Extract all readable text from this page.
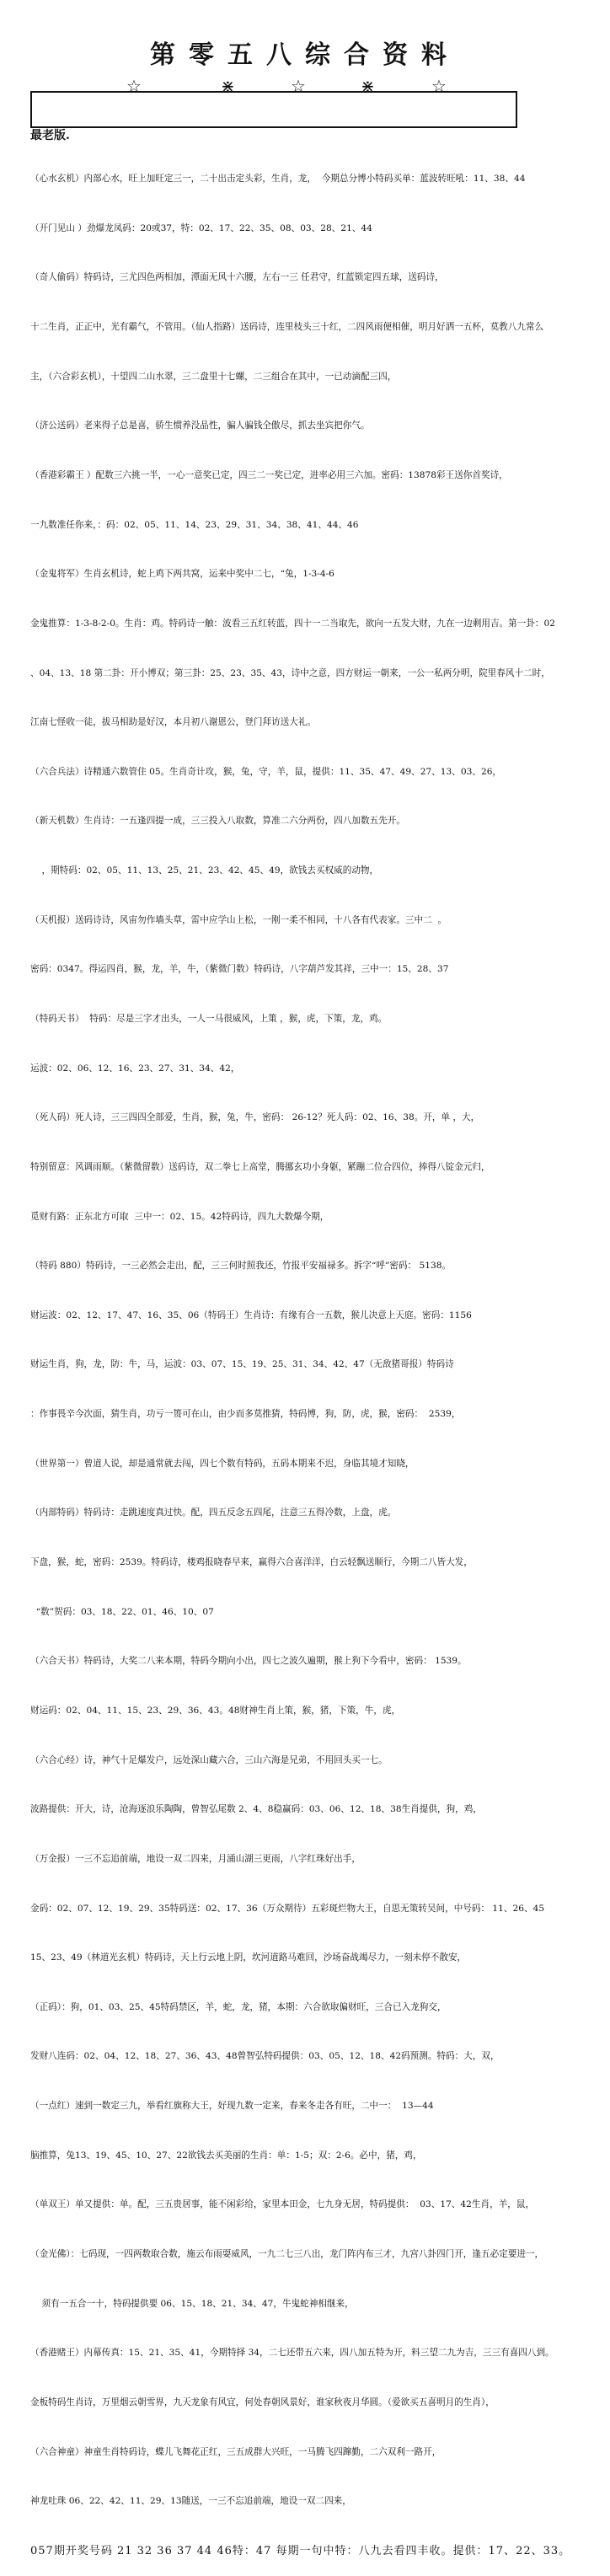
第零五八综合资料
☆	⋇	☆	⋇	☆
最老版.

（心水玄机）内部心水，旺上加旺定三一，二十出击定头彩，生肖，龙，  今期总分博小特码买单：蓝波转旺吼：11、38、44

（开门见山 ）劲爆龙凤码：20或37，特：02、17、22、35、08、03、28、21、44

（奇人偷码）特码诗，三尤四色两相加，潭面无风十六腰，左右一三 任君守，红蓝锁定四五球，送码诗，

十二生肖，正正中，光有霸气，不管用。（仙人指路）送码诗，连里枝头三十红，二四风雨便相催，明月好洒一五杯，莫教八九常么

主，（六合彩玄机），十望四二山水翠，三二盘里十七螺，二三组合在其中，一已动滴配三四，

（济公送码）老来得子总是喜，骄生惯养没品性，骗人骗钱全傲尽，抓去坐宾把你气。

（香港彩霸王 ）配数三六挑一半，一心一意奖已定，四三二一奖已定，进率必用三六加。密码：13878彩王送你首奖诗，

一九数准任你来，：码：02、05、11、14、23、29、31、34、38、41、44、46

（金鬼将军）生肖玄机诗，蛇上鸡下两共窝，运来中奖中二七，“兔，1-3-4-6

金鬼推算：1-3-8-2-0。生肖：鸡。特码诗一触：波看三五红转蓝，四十一二当取先，欲向一五发大财，九在一边剩用吉。第一卦：02

、04、13、18 第二卦：开小博双；第三卦：25、23、35、43，诗中之意，四方财运一朝来，一公一私两分明，院里春风十二时，

江南七怪收一徒，拔马相助是好汉，本月初八谢恩公，登门拜访送大礼。

（六合兵法）诗精通六数管住 05。生肖奇计攻，猴，兔，守，羊，鼠，提供：11、35、47、49、27、13、03、26，

（新天机数）生肖诗：一五逢四提一成，三三投入八取数，算准二六分两份，四八加数五先开。

，期特码：02、05、11、13、25、21、23、42、45、49，欲钱去买权威的动物，

（天机报）送码诗诗，风宙勿作墙头草，雷中应学山上松，一刚一柔不相同，十八各有代表家。三中二  。

密码：0347。得运四肖，猴，龙，羊，牛，（紫微门数）特码诗，八字葫芦发其祥，三中一：15、28、37

（特码天书）  特码：尽是三字才出头，一人一马很威风，上策 ，猴，虎，下策，龙，鸡。

运波：02、06、12、16、23、27、31、34、42，

（死人码）死人诗，三三四四全部爱，生肖，猴，兔，牛，密码： 26-12？死人码：02、16、38。开，单 ，大，

特别留意：风调雨顺。（紫微留数）送码诗，双二拳七上高堂，腾挪玄功小身躯，紧蹦二位合四位，捧得八锭金元归，

觅财有路：正东北方可取  三中一：02、15。42特码诗，四九大数爆今期，

（特码 880）特码诗，一三必然会走出，配，三三何时照我还，竹报平安福禄多。拆字“呼”密码： 5138。

财运波：02、12、17、47、16、35、06（特码王）生肖诗：有缘有合一五数，猴儿决意上天庭。密码：1156

财运生肖，狗，龙，防：牛，马，运波：03、07、15、19、25、31、34、42、47（无敌猪哥报）特码诗

：作事畏辛今次面，猜生肖，功亏一篑可在山，由少而多莫推猜，特码博，狗，防，虎，猴，密码：  2539，

（世界第一）曾道人说，却是通常就去闯，四七个数有特码，五码本期来不迟，身临其境才知晓，

（内部特码）特码诗：走跳速度真过快。配，四五反念五四尾，注意三五得冷数，上盘，虎。

下盘，猴，蛇，密码：2539。特码诗，楼鸡报晓春早来，赢得六合喜洋洋，白云轻飘送顺行，今期二八皆大发，

“数”贺码：03、18、22、01、46、10、07

（六合天书）特码诗，大奖二八来本期，特码今期向小出，四七之波久遍期，猴上狗下今看中，密码： 1539。

财运码：02、04、11、15、23、29、36、43。48财神生肖上策，猴，猪，下策，牛，虎，

（六合心经）诗，神气十足爆发户，远处深山藏六合，三山六海是兄弟，不用回头买一七。

波路提供：开大，诗，沧海逐浪乐陶陶，曾智弘尾数 2、4、8稳赢码：03、06、12、18、38生肖提供，狗，鸡，

（万金报）一三不忘追前端，地设一双二四来，月涌山湖三更雨，八字红珠好出手，

金码：02、07、12、19、29、35特码送：02、17、36（万众期待）五彩斑烂物大王，自思无策转吴间，中号码： 11、26、45

15、23、49（林道光玄机）特码诗，天上行云地上阴，坎河道路马难回，沙场奋战竭尽力，一刻未停不散安，

（正码）：狗，01、03、25、45特码禁区，羊，蛇，龙，猪，本期：六合欲取偏财旺，三合已入龙狗交，

发财八连码：02、04、12、18、27、36、43、48曾智弘特码提供：03、05、12、18、42码预测。特码：大，双，

（一点红）速到一数定三九，举看红旗称大王，好现九数一定来，春来冬走各有旺，二中一：  13—44

脑推算，兔13、19、45、10、27、22欲钱去买美丽的生肖：单：1-5；双：2-6。必中，猪，鸡，

（单双王）单又提供：单。配，三五贵居事，能不闲彩给，家里本田金，七九身无居，特码提供：  03、17、42生肖，羊，鼠，

（金光佛）：七码现，一四两数取合数，施云布雨耍威风，一九二七三八出，龙门阵内布三才，九宫八卦四门开，逢五必定要进一，

须有一五合一十，特码提供要 06、15、18、21、34、47，牛鬼蛇神相继来，

（香港赌王）内幕传真：15、21、35、41，今期特择 34，二七还带五六来，四八加五特为开，料三望二九为吉，三三有喜四八到。

金板特码生肖诗，万里烟云朝雪界，九天龙象有风宜，何处春朝风景好，谁家秋夜月华圆。（爱欲买五喜明月的生肖），

（六合神童）神童生肖特码诗，蝶儿飞舞花正红，三五成群大兴旺，一马腾飞四蹿勤，二六双利一路开，

神龙吐珠 06、22、42、11、29、13随送，一三不忘追前端，地设一双二四来，

057期开奖号码 21 32 36 37 44 46特：47 每期一句中特：八九去看四丰收。提供：17、22、33。
